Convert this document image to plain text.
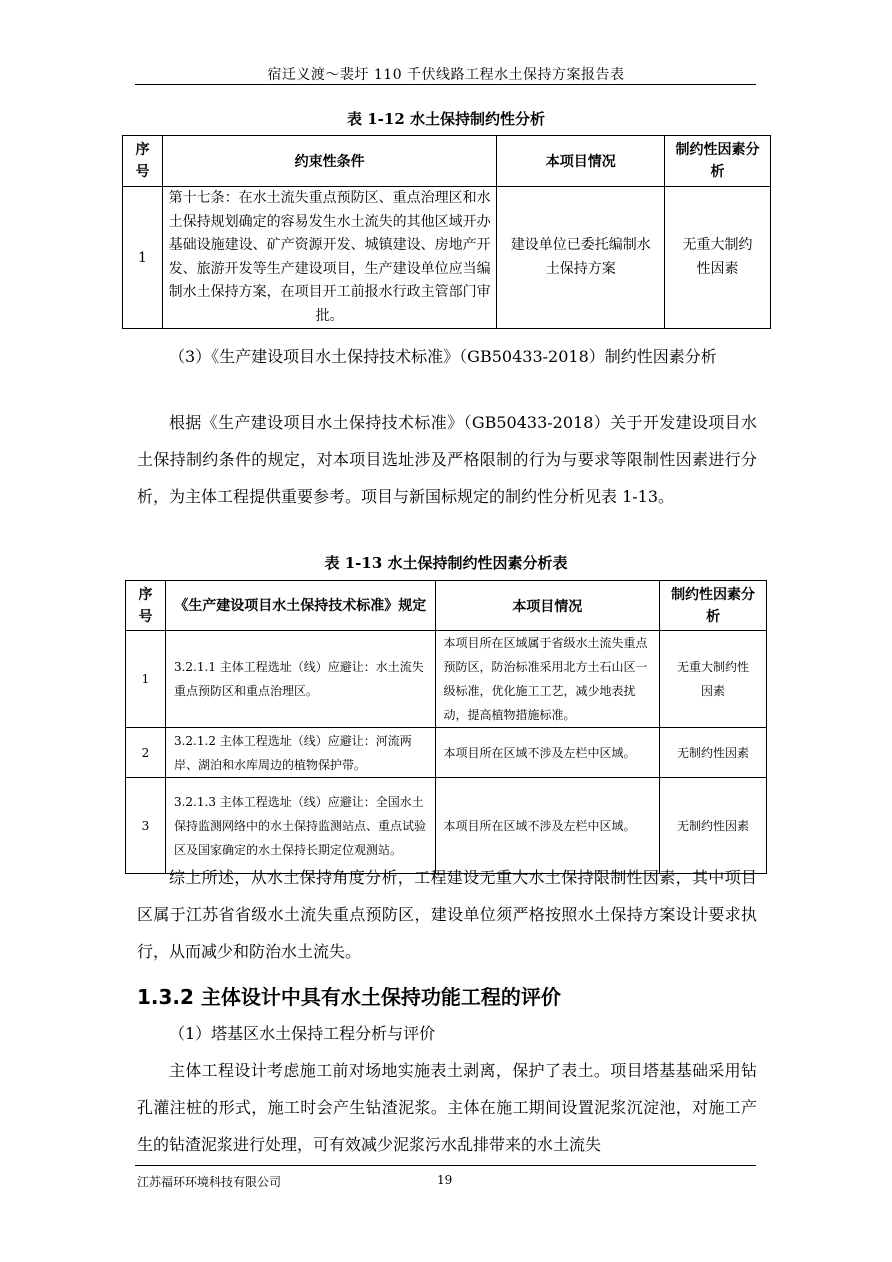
宿迁义渡～裴圩 110 千伏线路工程水土保持方案报告表
表 1-12 水土保持制约性分析
序号	约束性条件	本项目情况	制约性因素分析

1	第十七条：在水土流失重点预防区、重点治理区和水土保持规划确定的容易发生水土流失的其他区域开办基础设施建设、矿产资源开发、城镇建设、房地产开发、旅游开发等生产建设项目，生产建设单位应当编制水土保持方案，在项目开工前报水行政主管部门审批。	建设单位已委托编制水土保持方案	无重大制约性因素
（3）《生产建设项目水土保持技术标准》（GB50433-2018）制约性因素分析
根据《生产建设项目水土保持技术标准》（GB50433-2018）关于开发建设项目水土保持制约条件的规定，对本项目选址涉及严格限制的行为与要求等限制性因素进行分析，为主体工程提供重要参考。项目与新国标规定的制约性分析见表 1-13。
表 1-13 水土保持制约性因素分析表
序号	《生产建设项目水土保持技术标准》规定	本项目情况	制约性因素分析

1	3.2.1.1 主体工程选址（线）应避让：水土流失重点预防区和重点治理区。	本项目所在区域属于省级水土流失重点预防区，防治标准采用北方土石山区一级标准，优化施工工艺，减少地表扰动，提高植物措施标准。	无重大制约性因素

2	3.2.1.2 主体工程选址（线）应避让：河流两岸、湖泊和水库周边的植物保护带。	本项目所在区域不涉及左栏中区域。	无制约性因素

3	3.2.1.3 主体工程选址（线）应避让：全国水土保持监测网络中的水土保持监测站点、重点试验区及国家确定的水土保持长期定位观测站。	本项目所在区域不涉及左栏中区域。	无制约性因素
综上所述，从水土保持角度分析，工程建设无重大水土保持限制性因素，其中项目区属于江苏省省级水土流失重点预防区，建设单位须严格按照水土保持方案设计要求执行，从而减少和防治水土流失。
1.3.2 主体设计中具有水土保持功能工程的评价
（1）塔基区水土保持工程分析与评价
主体工程设计考虑施工前对场地实施表土剥离，保护了表土。项目塔基基础采用钻孔灌注桩的形式，施工时会产生钻渣泥浆。主体在施工期间设置泥浆沉淀池，对施工产生的钻渣泥浆进行处理，可有效减少泥浆污水乱排带来的水土流失
江苏福环环境科技有限公司	19
